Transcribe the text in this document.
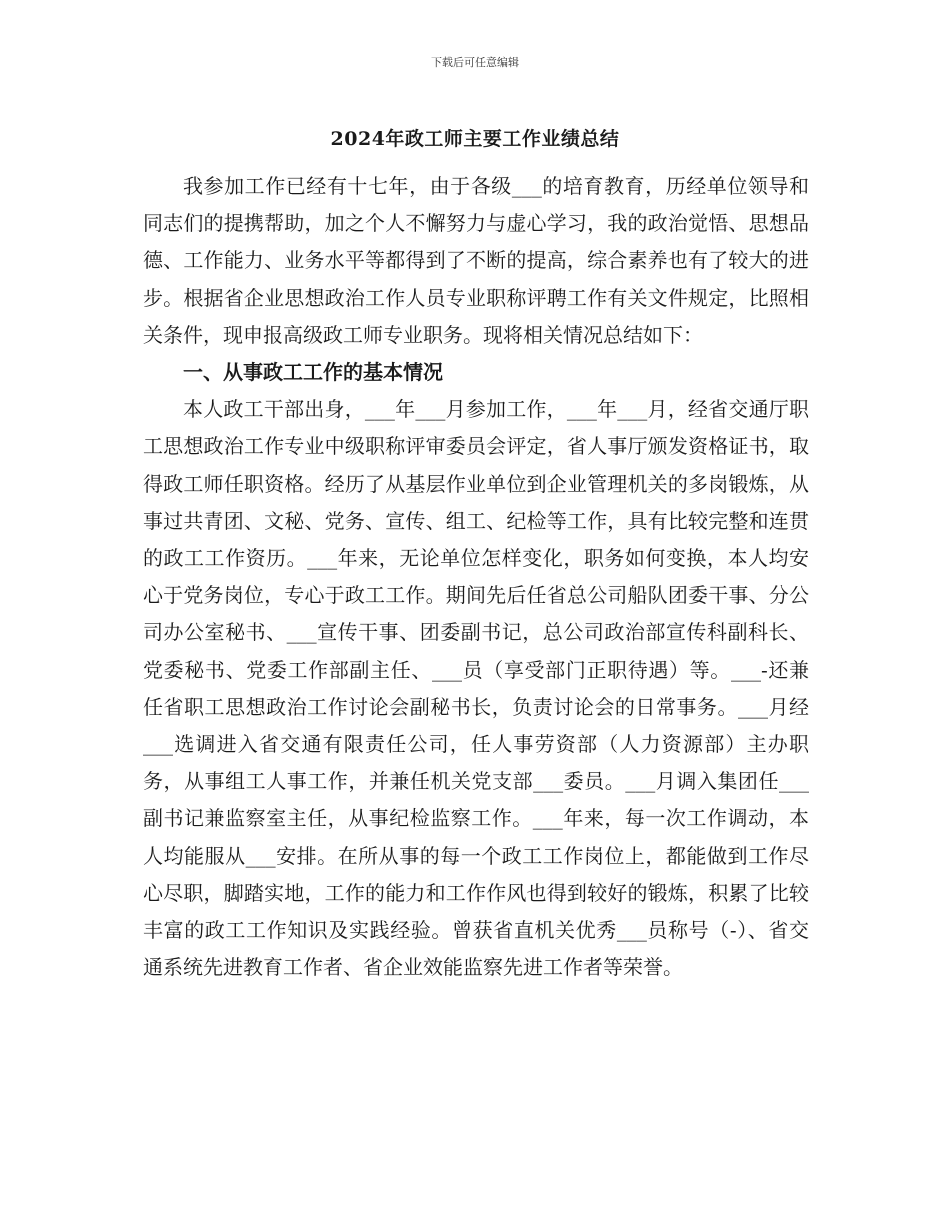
下载后可任意编辑
2024年政工师主要工作业绩总结

我参加工作已经有十七年，由于各级___的培育教育，历经单位领导和同志们的提携帮助，加之个人不懈努力与虚心学习，我的政治觉悟、思想品德、工作能力、业务水平等都得到了不断的提高，综合素养也有了较大的进步。根据省企业思想政治工作人员专业职称评聘工作有关文件规定，比照相关条件，现申报高级政工师专业职务。现将相关情况总结如下：

一、从事政工工作的基本情况

本人政工干部出身，___年___月参加工作，___年___月，经省交通厅职工思想政治工作专业中级职称评审委员会评定，省人事厅颁发资格证书，取得政工师任职资格。经历了从基层作业单位到企业管理机关的多岗锻炼，从事过共青团、文秘、党务、宣传、组工、纪检等工作，具有比较完整和连贯的政工工作资历。___年来，无论单位怎样变化，职务如何变换，本人均安心于党务岗位，专心于政工工作。期间先后任省总公司船队团委干事、分公司办公室秘书、___宣传干事、团委副书记，总公司政治部宣传科副科长、党委秘书、党委工作部副主任、___员（享受部门正职待遇）等。___-还兼任省职工思想政治工作讨论会副秘书长，负责讨论会的日常事务。___月经___选调进入省交通有限责任公司，任人事劳资部（人力资源部）主办职务，从事组工人事工作，并兼任机关党支部___委员。___月调入集团任___副书记兼监察室主任，从事纪检监察工作。___年来，每一次工作调动，本人均能服从___安排。在所从事的每一个政工工作岗位上，都能做到工作尽心尽职，脚踏实地，工作的能力和工作作风也得到较好的锻炼，积累了比较丰富的政工工作知识及实践经验。曾获省直机关优秀___员称号（-）、省交通系统先进教育工作者、省企业效能监察先进工作者等荣誉。
